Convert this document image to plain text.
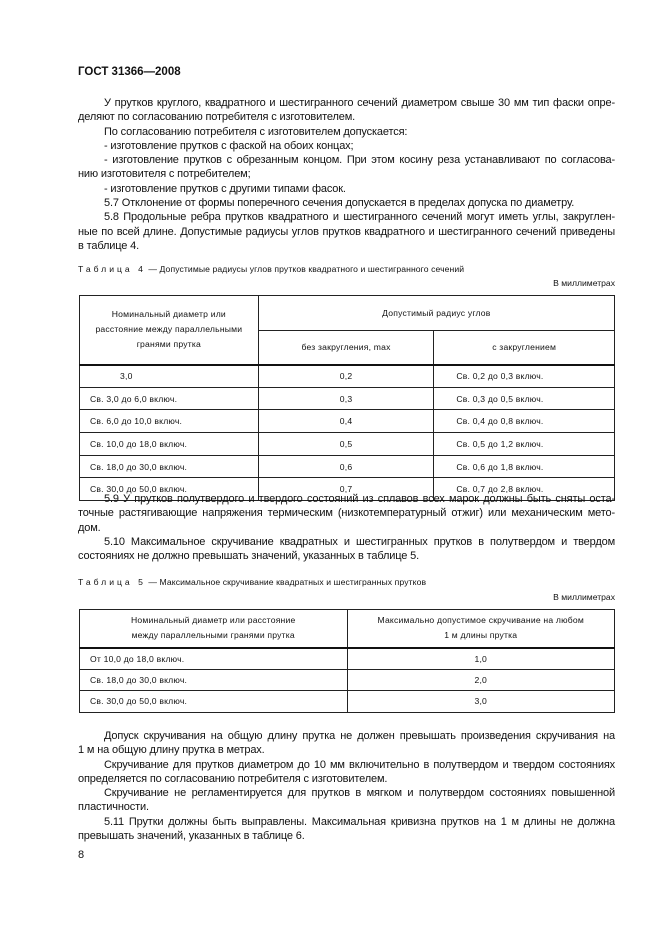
ГОСТ 31366—2008
У прутков круглого, квадратного и шестигранного сечений диаметром свыше 30 мм тип фаски опре-
деляют по согласованию потребителя с изготовителем.
По согласованию потребителя с изготовителем допускается:
- изготовление прутков с фаской на обоих концах;
- изготовление прутков с обрезанным концом. При этом косину реза устанавливают по согласова-
нию изготовителя с потребителем;
- изготовление прутков с другими типами фасок.
5.7 Отклонение от формы поперечного сечения допускается в пределах допуска по диаметру.
5.8 Продольные ребра прутков квадратного и шестигранного сечений могут иметь углы, закруглен-
ные по всей длине. Допустимые радиусы углов прутков квадратного и шестигранного сечений приведены
в таблице 4.
Таблица 4 — Допустимые радиусы углов прутков квадратного и шестигранного сечений
В миллиметрах
Номинальный диаметр или расстояние между параллельными гранями прутка	Допустимый радиус углов	
	без закругления, max	с закруглением
3,0	0,2	Св. 0,2 до 0,3 включ.
Св. 3,0 до 6,0 включ.	0,3	Св. 0,3 до 0,5 включ.
Св. 6,0 до 10,0 включ.	0,4	Св. 0,4 до 0,8 включ.
Св. 10,0 до 18,0 включ.	0,5	Св. 0,5 до 1,2 включ.
Св. 18,0 до 30,0 включ.	0,6	Св. 0,6 до 1,8 включ.
Св. 30,0 до 50,0 включ.	0,7	Св. 0,7 до 2,8 включ.
5.9 У прутков полутвердого и твердого состояний из сплавов всех марок должны быть сняты оста-
точные растягивающие напряжения термическим (низкотемпературный отжиг) или механическим мето-
дом.
5.10 Максимальное скручивание квадратных и шестигранных прутков в полутвердом и твердом
состояниях не должно превышать значений, указанных в таблице 5.
Таблица 5 — Максимальное скручивание квадратных и шестигранных прутков
В миллиметрах
Номинальный диаметр или расстояние
между параллельными гранями прутка	Максимально допустимое скручивание на любом
1 м длины прутка
От 10,0 до 18,0 включ.	1,0
Св. 18,0 до 30,0 включ.	2,0
Св. 30,0 до 50,0 включ.	3,0
Допуск скручивания на общую длину прутка не должен превышать произведения скручивания на
1 м на общую длину прутка в метрах.
Скручивание для прутков диаметром до 10 мм включительно в полутвердом и твердом состояниях
определяется по согласованию потребителя с изготовителем.
Скручивание не регламентируется для прутков в мягком и полутвердом состояниях повышенной
пластичности.
5.11 Прутки должны быть выправлены. Максимальная кривизна прутков на 1 м длины не должна
превышать значений, указанных в таблице 6.
8
